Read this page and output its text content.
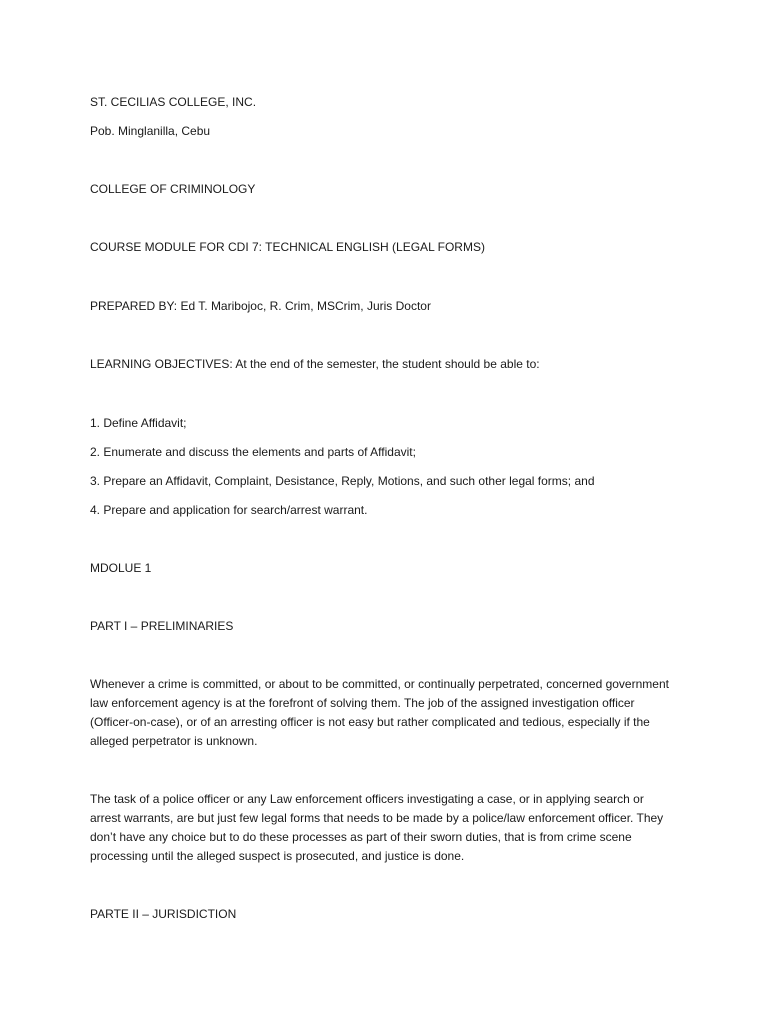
ST. CECILIAS COLLEGE, INC.
Pob. Minglanilla, Cebu
COLLEGE OF CRIMINOLOGY
COURSE MODULE FOR CDI 7: TECHNICAL ENGLISH (LEGAL FORMS)
PREPARED BY: Ed T. Maribojoc, R. Crim, MSCrim, Juris Doctor
LEARNING OBJECTIVES: At the end of the semester, the student should be able to:
1. Define Affidavit;
2. Enumerate and discuss the elements and parts of Affidavit;
3. Prepare an Affidavit, Complaint, Desistance, Reply, Motions, and such other legal forms; and
4. Prepare and application for search/arrest warrant.
MDOLUE 1
PART I – PRELIMINARIES

Whenever a crime is committed, or about to be committed, or continually perpetrated, concerned government law enforcement agency is at the forefront of solving them. The job of the assigned investigation officer (Officer-on-case), or of an arresting officer is not easy but rather complicated and tedious, especially if the alleged perpetrator is unknown.

The task of a police officer or any Law enforcement officers investigating a case, or in applying search or arrest warrants, are but just few legal forms that needs to be made by a police/law enforcement officer. They don’t have any choice but to do these processes as part of their sworn duties, that is from crime scene processing until the alleged suspect is prosecuted, and justice is done.

PARTE II – JURISDICTION
